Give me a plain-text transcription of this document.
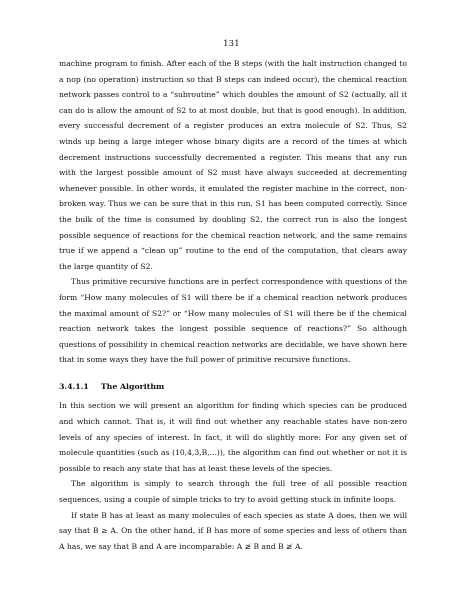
131

machine program to finish. After each of the B steps (with the halt instruction changed to a nop (no operation) instruction so that B steps can indeed occur), the chemical reaction network passes control to a “subroutine” which doubles the amount of S2 (actually, all it can do is allow the amount of S2 to at most double, but that is good enough). In addition, every successful decrement of a register produces an extra molecule of S2. Thus, S2 winds up being a large integer whose binary digits are a record of the times at which decrement instructions successfully decremented a register. This means that any run with the largest possible amount of S2 must have always succeeded at decrementing whenever possible. In other words, it emulated the register machine in the correct, non-broken way. Thus we can be sure that in this run, S1 has been computed correctly. Since the bulk of the time is consumed by doubling S2, the correct run is also the longest possible sequence of reactions for the chemical reaction network, and the same remains true if we append a “clean up” routine to the end of the computation, that clears away the large quantity of S2.

Thus primitive recursive functions are in perfect correspondence with questions of the form “How many molecules of S1 will there be if a chemical reaction network produces the maximal amount of S2?” or “How many molecules of S1 will there be if the chemical reaction network takes the longest possible sequence of reactions?” So although questions of possibility in chemical reaction networks are decidable, we have shown here that in some ways they have the full power of primitive recursive functions.

3.4.1.1 The Algorithm

In this section we will present an algorithm for finding which species can be produced and which cannot. That is, it will find out whether any reachable states have non-zero levels of any species of interest. In fact, it will do slightly more: For any given set of molecule quantities (such as (10,4,3,B,...)), the algorithm can find out whether or not it is possible to reach any state that has at least these levels of the species.

The algorithm is simply to search through the full tree of all possible reaction sequences, using a couple of simple tricks to try to avoid getting stuck in infinite loops.

If state B has at least as many molecules of each species as state A does, then we will say that B ≥ A. On the other hand, if B has more of some species and less of others than A has, we say that B and A are incomparable: A ≱ B and B ≱ A.
